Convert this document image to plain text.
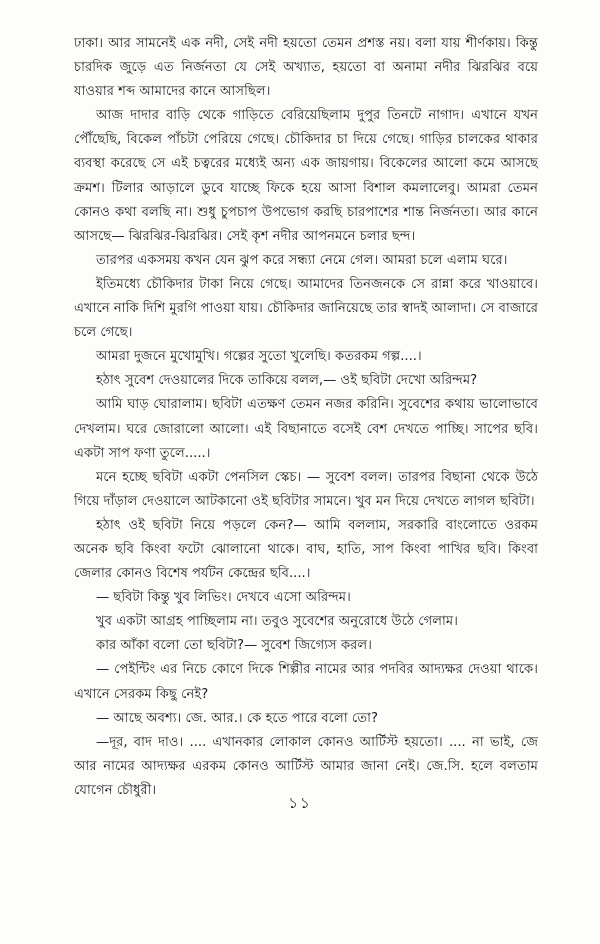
ঢাকা। আর সামনেই এক নদী, সেই নদী হয়তো তেমন প্রশস্ত নয়। বলা যায় শীর্ণকায়। কিন্তু চারদিক জুড়ে এত নির্জনতা যে সেই অখ্যাত, হয়তো বা অনামা নদীর ঝিরঝির বয়ে যাওয়ার শব্দ আমাদের কানে আসছিল।

আজ দাদার বাড়ি থেকে গাড়িতে বেরিয়েছিলাম দুপুর তিনটে নাগাদ। এখানে যখন পৌঁছেছি, বিকেল পাঁচটা পেরিয়ে গেছে। চৌকিদার চা দিয়ে গেছে। গাড়ির চালকের থাকার ব্যবস্থা করেছে সে এই চত্বরের মধ্যেই অন্য এক জায়গায়। বিকেলের আলো কমে আসছে ক্রমশ। টিলার আড়ালে ডুবে যাচ্ছে ফিকে হয়ে আসা বিশাল কমলালেবু। আমরা তেমন কোনও কথা বলছি না। শুধু চুপচাপ উপভোগ করছি চারপাশের শান্ত নির্জনতা। আর কানে আসছে— ঝিরঝির-ঝিরঝির। সেই কৃশ নদীর আপনমনে চলার ছন্দ।

তারপর একসময় কখন যেন ঝুপ করে সন্ধ্যা নেমে গেল। আমরা চলে এলাম ঘরে।

ইতিমধ্যে চৌকিদার টাকা নিয়ে গেছে। আমাদের তিনজনকে সে রান্না করে খাওয়াবে। এখানে নাকি দিশি মুরগি পাওয়া যায়। চৌকিদার জানিয়েছে তার স্বাদই আলাদা। সে বাজারে চলে গেছে।

আমরা দুজনে মুখোমুখি। গল্পের সুতো খুলেছি। কতরকম গল্প....।

হঠাৎ সুবেশ দেওয়ালের দিকে তাকিয়ে বলল,— ওই ছবিটা দেখো অরিন্দম?

আমি ঘাড় ঘোরালাম। ছবিটা এতক্ষণ তেমন নজর করিনি। সুবেশের কথায় ভালোভাবে দেখলাম। ঘরে জোরালো আলো। এই বিছানাতে বসেই বেশ দেখতে পাচ্ছি। সাপের ছবি। একটা সাপ ফণা তুলে.....।

মনে হচ্ছে ছবিটা একটা পেনসিল স্কেচ। — সুবেশ বলল। তারপর বিছানা থেকে উঠে গিয়ে দাঁড়াল দেওয়ালে আটকানো ওই ছবিটার সামনে। খুব মন দিয়ে দেখতে লাগল ছবিটা।

হঠাৎ ওই ছবিটা নিয়ে পড়লে কেন?— আমি বললাম, সরকারি বাংলোতে ওরকম অনেক ছবি কিংবা ফটো ঝোলানো থাকে। বাঘ, হাতি, সাপ কিংবা পাখির ছবি। কিংবা জেলার কোনও বিশেষ পর্যটন কেন্দ্রের ছবি....।

— ছবিটা কিন্তু খুব লিভিং। দেখবে এসো অরিন্দম।

খুব একটা আগ্রহ পাচ্ছিলাম না। তবুও সুবেশের অনুরোধে উঠে গেলাম।

কার আঁকা বলো তো ছবিটা?— সুবেশ জিগ্যেস করল।

— পেইন্টিং এর নিচে কোণে দিকে শিল্পীর নামের আর পদবির আদ্যক্ষর দেওয়া থাকে। এখানে সেরকম কিছু নেই?

— আছে অবশ্য। জে. আর.। কে হতে পারে বলো তো?

—দূর, বাদ দাও। .... এখানকার লোকাল কোনও আর্টিস্ট হয়তো। .... না ভাই, জে আর নামের আদ্যক্ষর এরকম কোনও আর্টিস্ট আমার জানা নেই। জে.সি. হলে বলতাম যোগেন চৌধুরী।

১১
